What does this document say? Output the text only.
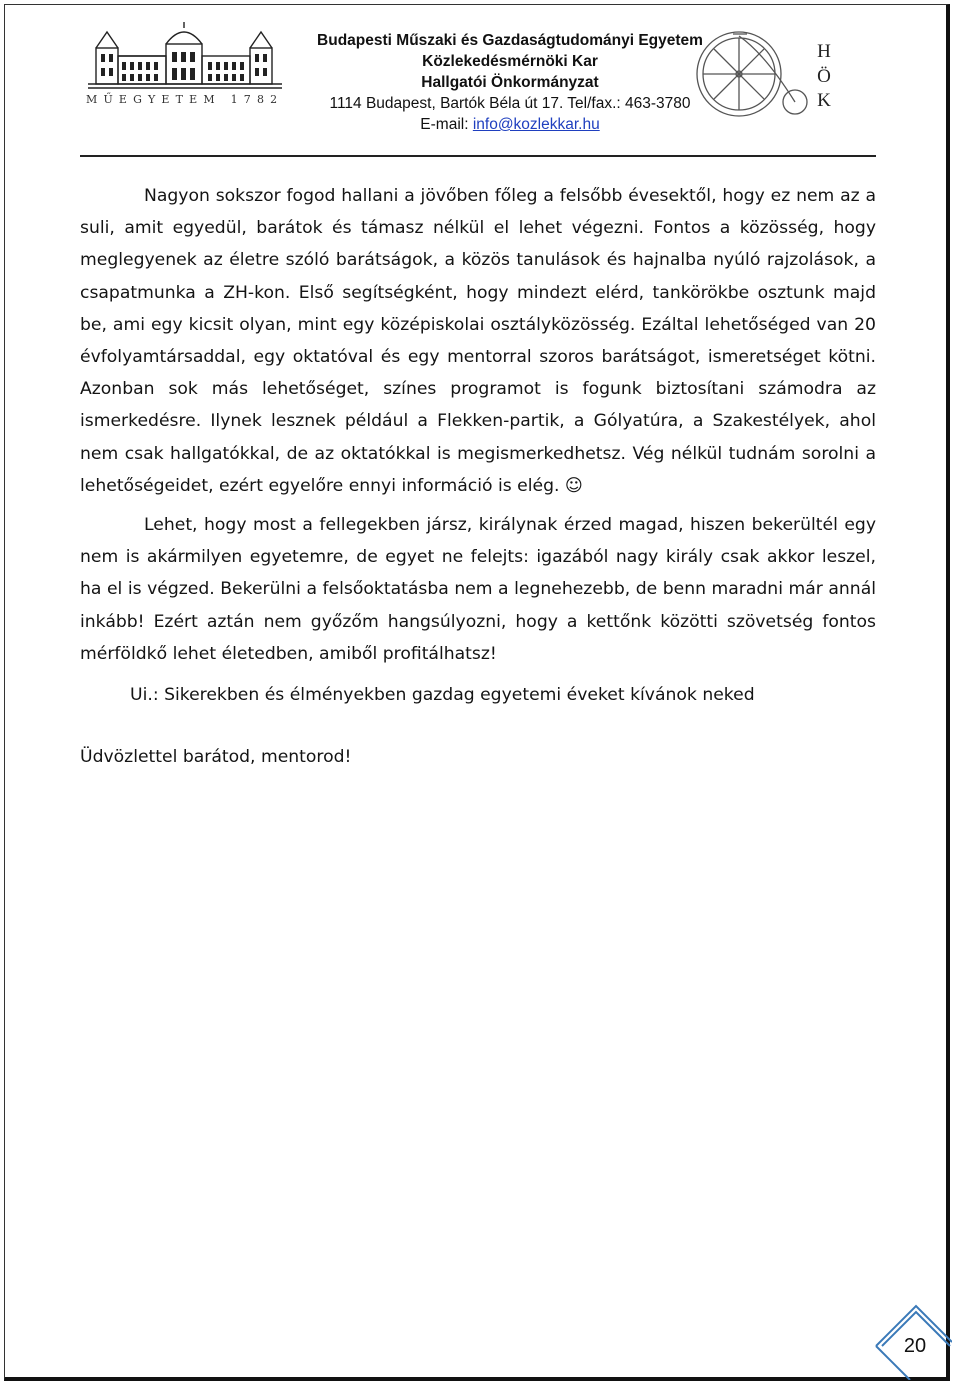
MŰEGYETEM 1782
Budapesti Műszaki és Gazdaságtudományi Egyetem
Közlekedésmérnöki Kar
Hallgatói Önkormányzat
1114 Budapest, Bartók Béla út 17. Tel/fax.: 463-3780
E-mail: info@kozlekkar.hu
H
Ö
K

Nagyon sokszor fogod hallani a jövőben főleg a felsőbb évesektől, hogy ez nem az a suli, amit egyedül, barátok és támasz nélkül el lehet végezni. Fontos a közösség, hogy meglegyenek az életre szóló barátságok, a közös tanulások és hajnalba nyúló rajzolások, a csapatmunka a ZH-kon. Első segítségként, hogy mindezt elérd, tankörökbe osztunk majd be, ami egy kicsit olyan, mint egy középiskolai osztályközösség. Ezáltal lehetőséged van 20 évfolyamtársaddal, egy oktatóval és egy mentorral szoros barátságot, ismeretséget kötni. Azonban sok más lehetőséget, színes programot is fogunk biztosítani számodra az ismerkedésre. Ilynek lesznek például a Flekken-partik, a Gólyatúra, a Szakestélyek, ahol nem csak hallgatókkal, de az oktatókkal is megismerkedhetsz. Vég nélkül tudnám sorolni a lehetőségeidet, ezért egyelőre ennyi információ is elég. ☺

Lehet, hogy most a fellegekben jársz, királynak érzed magad, hiszen bekerültél egy nem is akármilyen egyetemre, de egyet ne felejts: igazából nagy király csak akkor leszel, ha el is végzed. Bekerülni a felsőoktatásba nem a legnehezebb, de benn maradni már annál inkább! Ezért aztán nem győzőm hangsúlyozni, hogy a kettőnk közötti szövetség fontos mérföldkő lehet életedben, amiből profitálhatsz!

Ui.: Sikerekben és élményekben gazdag egyetemi éveket kívánok neked

Üdvözlettel barátod, mentorod!

20
